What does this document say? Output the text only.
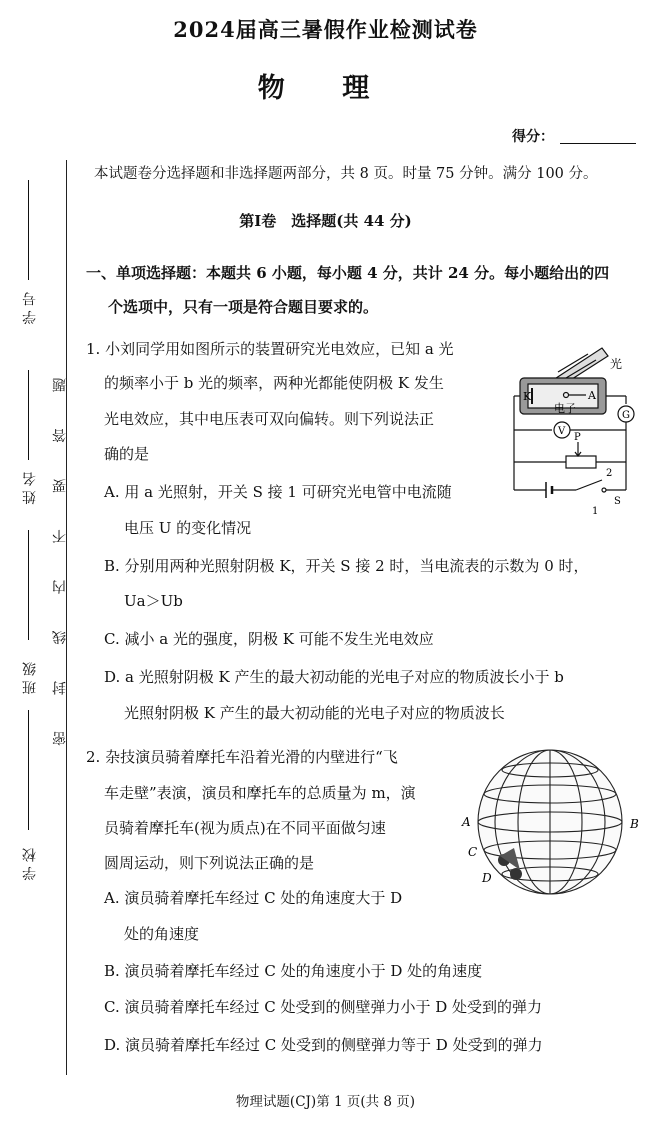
学 号
姓 名
班 级
学 校
密 封 线 内 不 要 答 题
2024届高三暑假作业检测试卷
物 理
得分：
本试题卷分选择题和非选择题两部分，共 8 页。时量 75 分钟。满分 100 分。
第Ⅰ卷　选择题(共 44 分)
一、单项选择题：本题共 6 小题，每小题 4 分，共计 24 分。每小题给出的四
个选项中，只有一项是符合题目要求的。
1. 小刘同学用如图所示的装置研究光电效应，已知 a 光
的频率小于 b 光的频率，两种光都能使阴极 K 发生
光电效应，其中电压表可双向偏转。则下列说法正
确的是
A. 用 a 光照射，开关 S 接 1 可研究光电管中电流随
电压 U 的变化情况
B. 分别用两种光照射阴极 K，开关 S 接 2 时，当电流表的示数为 0 时，
Ua＞Ub
C. 减小 a 光的强度，阴极 K 可能不发生光电效应
D. a 光照射阴极 K 产生的最大初动能的光电子对应的物质波长小于 b
光照射阴极 K 产生的最大初动能的光电子对应的物质波长
光
K	A
电子
G
V
P
2
1
S
2. 杂技演员骑着摩托车沿着光滑的内壁进行“飞
车走壁”表演，演员和摩托车的总质量为 m，演
员骑着摩托车(视为质点)在不同平面做匀速
圆周运动，则下列说法正确的是
A. 演员骑着摩托车经过 C 处的角速度大于 D
处的角速度
B. 演员骑着摩托车经过 C 处的角速度小于 D 处的角速度
C. 演员骑着摩托车经过 C 处受到的侧壁弹力小于 D 处受到的弹力
D. 演员骑着摩托车经过 C 处受到的侧壁弹力等于 D 处受到的弹力
A	B
C
D
物理试题(CJ)第 1 页(共 8 页)
